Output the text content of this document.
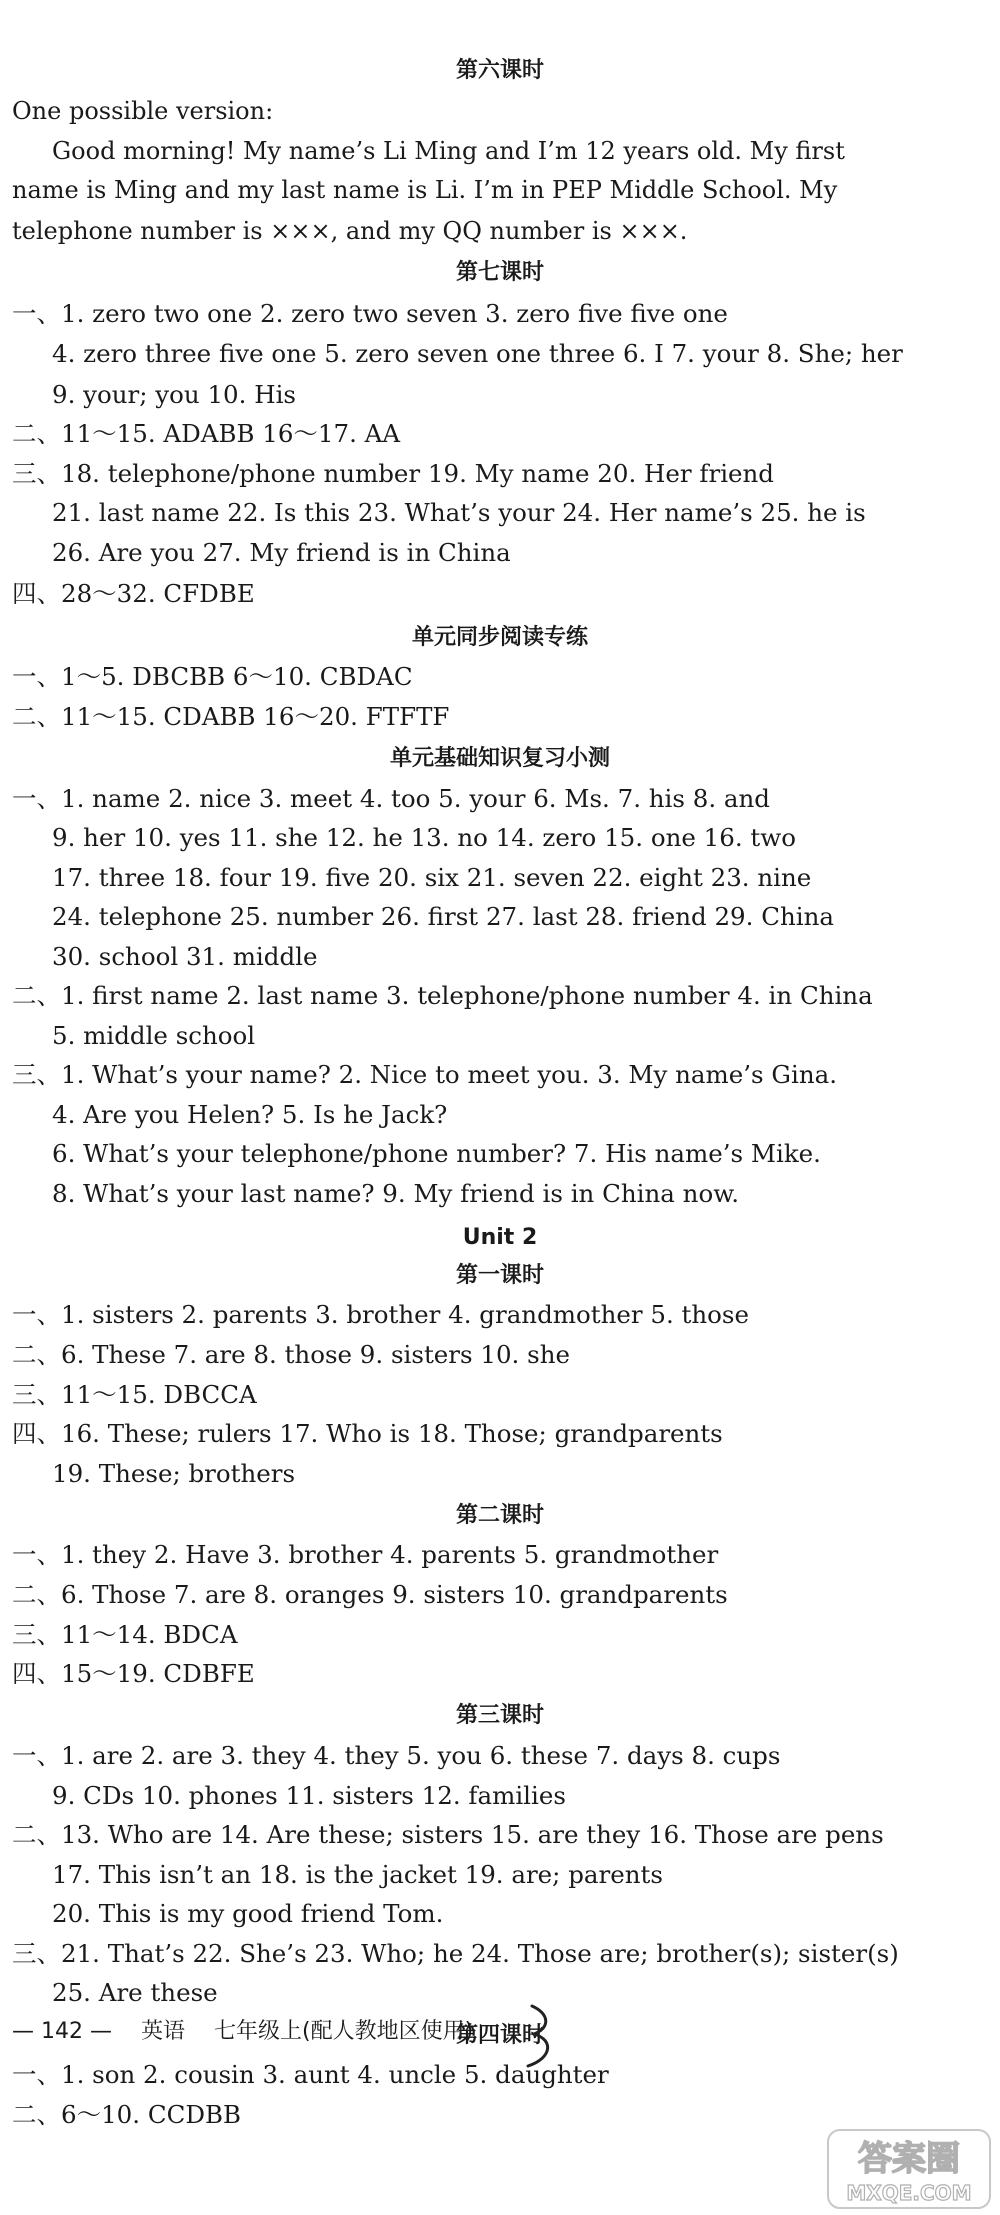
第六课时
One possible version:
Good morning! My name’s Li Ming and I’m 12 years old. My first
name is Ming and my last name is Li. I’m in PEP Middle School. My
telephone number is ×××, and my QQ number is ×××.
第七课时
一、1. zero two one 2. zero two seven 3. zero five five one
4. zero three five one 5. zero seven one three 6. I 7. your 8. She; her
9. your; you 10. His
二、11～15. ADABB 16～17. AA
三、18. telephone/phone number 19. My name 20. Her friend
21. last name 22. Is this 23. What’s your 24. Her name’s 25. he is
26. Are you 27. My friend is in China
四、28～32. CFDBE
单元同步阅读专练
一、1～5. DBCBB 6～10. CBDAC
二、11～15. CDABB 16～20. FTFTF
单元基础知识复习小测
一、1. name 2. nice 3. meet 4. too 5. your 6. Ms. 7. his 8. and
9. her 10. yes 11. she 12. he 13. no 14. zero 15. one 16. two
17. three 18. four 19. five 20. six 21. seven 22. eight 23. nine
24. telephone 25. number 26. first 27. last 28. friend 29. China
30. school 31. middle
二、1. first name 2. last name 3. telephone/phone number 4. in China
5. middle school
三、1. What’s your name? 2. Nice to meet you. 3. My name’s Gina.
4. Are you Helen? 5. Is he Jack?
6. What’s your telephone/phone number? 7. His name’s Mike.
8. What’s your last name? 9. My friend is in China now.
Unit 2
第一课时
一、1. sisters 2. parents 3. brother 4. grandmother 5. those
二、6. These 7. are 8. those 9. sisters 10. she
三、11～15. DBCCA
四、16. These; rulers 17. Who is 18. Those; grandparents
19. These; brothers
第二课时
一、1. they 2. Have 3. brother 4. parents 5. grandmother
二、6. Those 7. are 8. oranges 9. sisters 10. grandparents
三、11～14. BDCA
四、15～19. CDBFE
第三课时
一、1. are 2. are 3. they 4. they 5. you 6. these 7. days 8. cups
9. CDs 10. phones 11. sisters 12. families
二、13. Who are 14. Are these; sisters 15. are they 16. Those are pens
17. This isn’t an 18. is the jacket 19. are; parents
20. This is my good friend Tom.
三、21. That’s 22. She’s 23. Who; he 24. Those are; brother(s); sister(s)
25. Are these
第四课时
一、1. son 2. cousin 3. aunt 4. uncle 5. daughter
二、6～10. CCDBB
— 142 — 英语 七年级上(配人教地区使用)
答案圈
MXQE.COM
